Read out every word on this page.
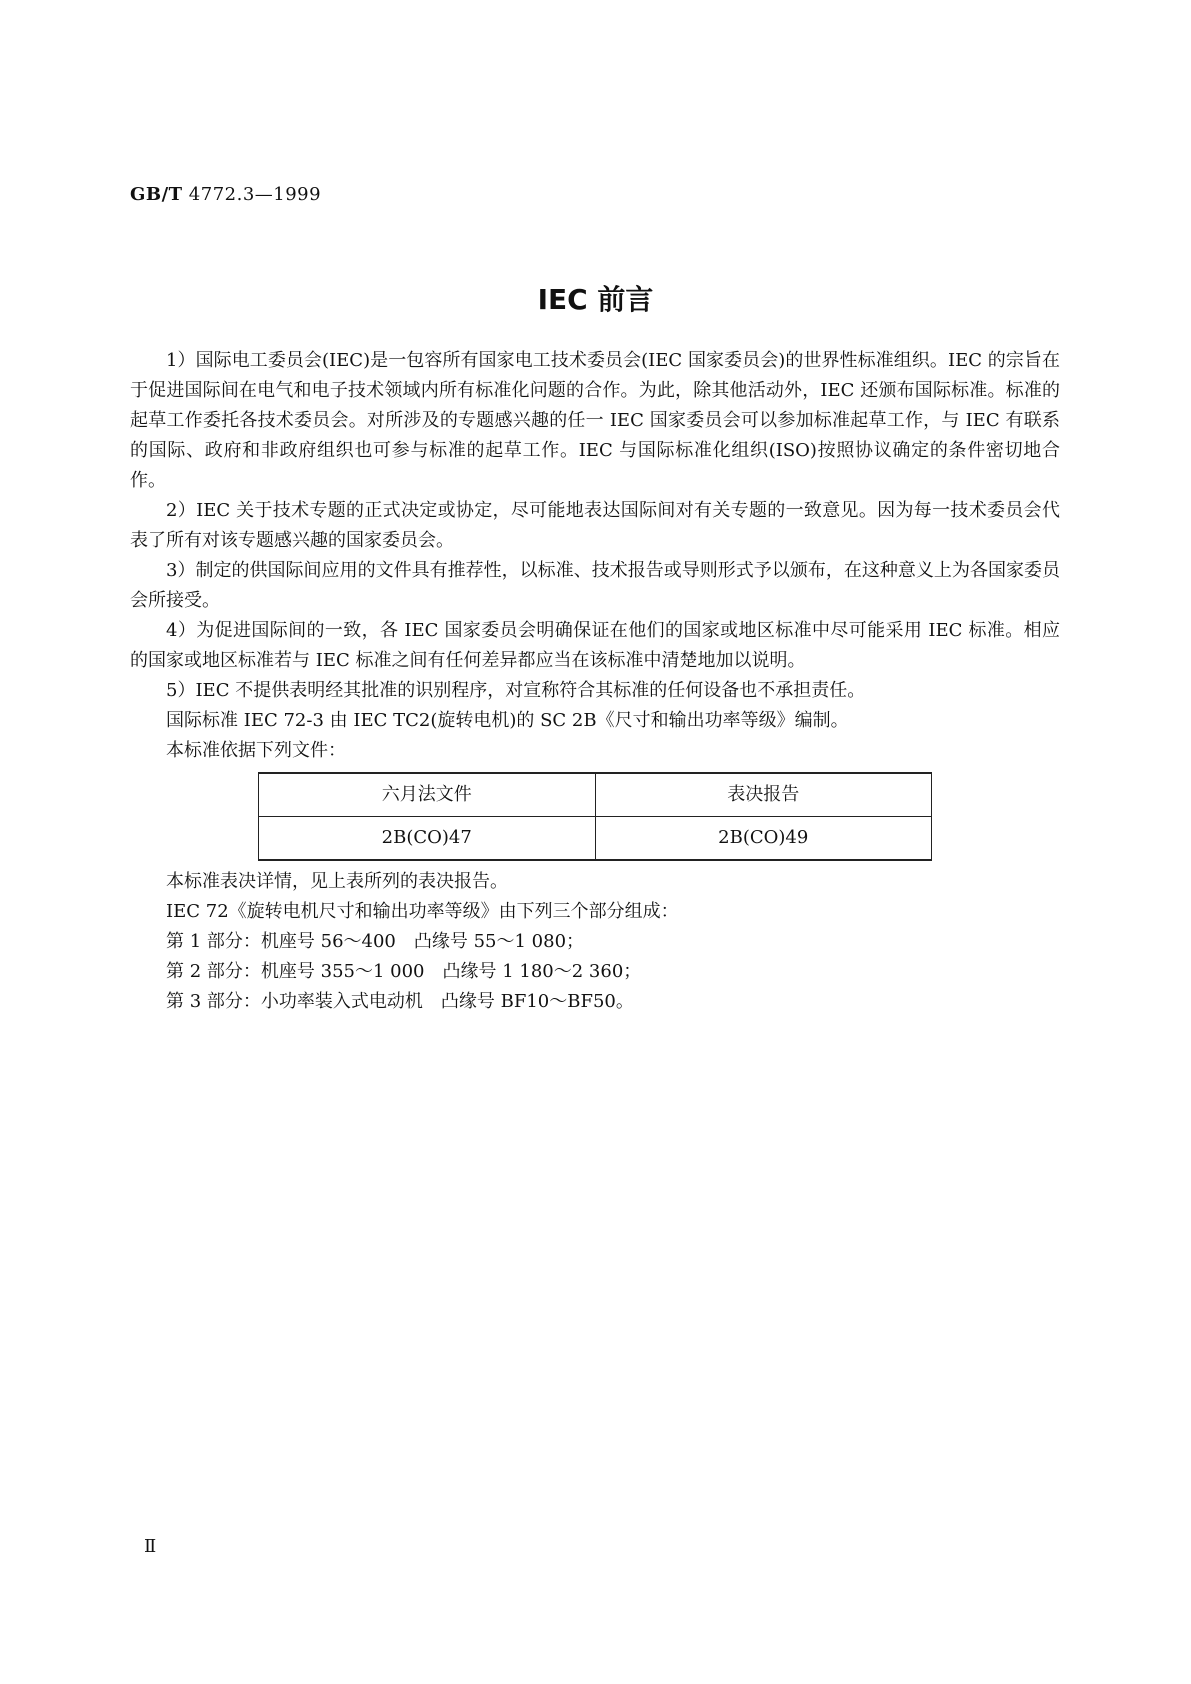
GB/T 4772.3—1999
IEC 前言

1）国际电工委员会(IEC)是一包容所有国家电工技术委员会(IEC 国家委员会)的世界性标准组织。IEC 的宗旨在于促进国际间在电气和电子技术领域内所有标准化问题的合作。为此，除其他活动外，IEC 还颁布国际标准。标准的起草工作委托各技术委员会。对所涉及的专题感兴趣的任一 IEC 国家委员会可以参加标准起草工作，与 IEC 有联系的国际、政府和非政府组织也可参与标准的起草工作。IEC 与国际标准化组织(ISO)按照协议确定的条件密切地合作。

2）IEC 关于技术专题的正式决定或协定，尽可能地表达国际间对有关专题的一致意见。因为每一技术委员会代表了所有对该专题感兴趣的国家委员会。

3）制定的供国际间应用的文件具有推荐性，以标准、技术报告或导则形式予以颁布，在这种意义上为各国家委员会所接受。

4）为促进国际间的一致，各 IEC 国家委员会明确保证在他们的国家或地区标准中尽可能采用 IEC 标准。相应的国家或地区标准若与 IEC 标准之间有任何差异都应当在该标准中清楚地加以说明。

5）IEC 不提供表明经其批准的识别程序，对宣称符合其标准的任何设备也不承担责任。

国际标准 IEC 72-3 由 IEC TC2(旋转电机)的 SC 2B《尺寸和输出功率等级》编制。

本标准依据下列文件：

六月法文件	表决报告
2B(CO)47	2B(CO)49

本标准表决详情，见上表所列的表决报告。

IEC 72《旋转电机尺寸和输出功率等级》由下列三个部分组成：

第 1 部分：机座号 56～400　凸缘号 55～1 080；

第 2 部分：机座号 355～1 000　凸缘号 1 180～2 360；

第 3 部分：小功率装入式电动机　凸缘号 BF10～BF50。

Ⅱ
